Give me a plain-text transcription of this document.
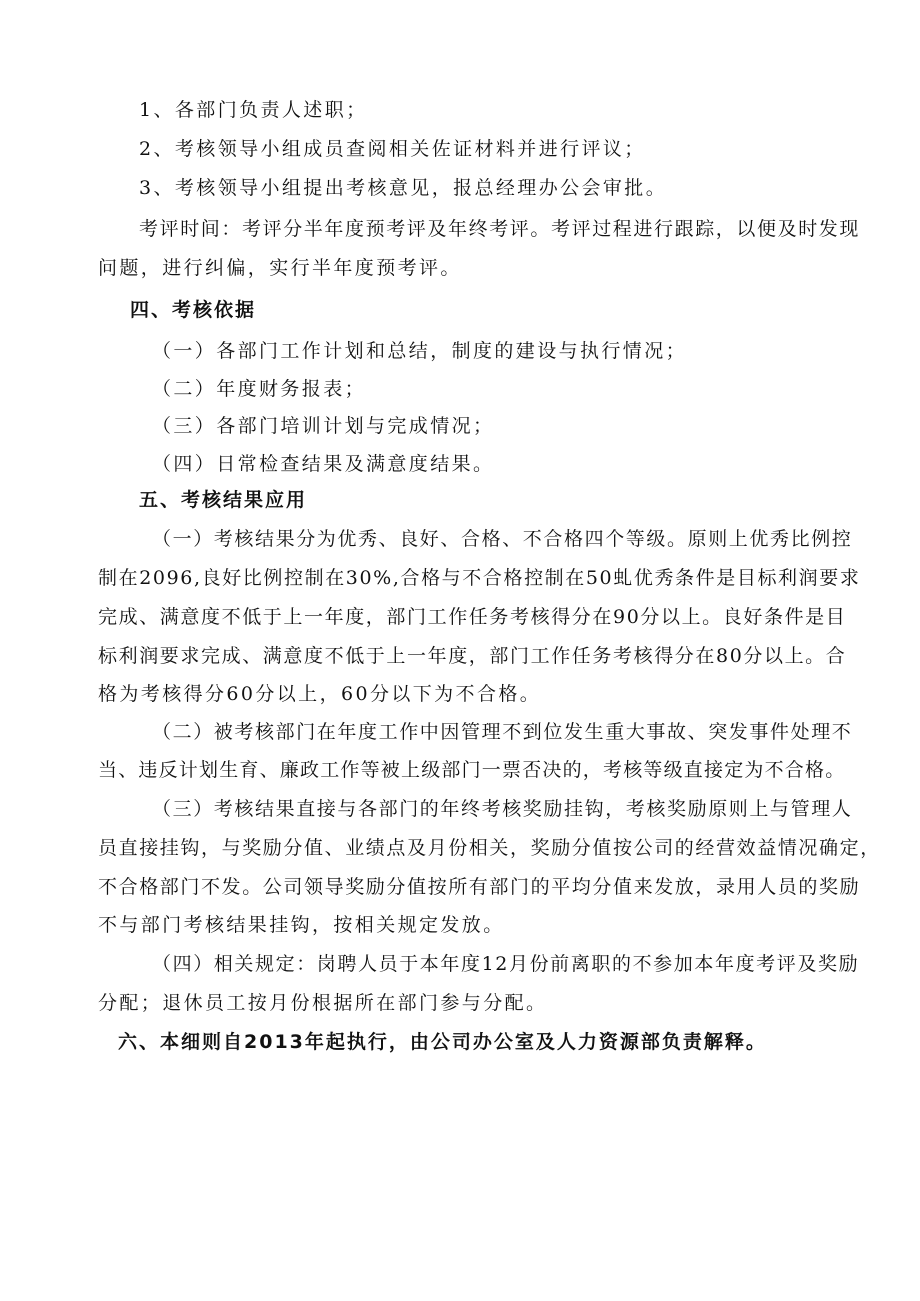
1、各部门负责人述职；
2、考核领导小组成员查阅相关佐证材料并进行评议；
3、考核领导小组提出考核意见，报总经理办公会审批。
考评时间：考评分半年度预考评及年终考评。考评过程进行跟踪，以便及时发现
问题，进行纠偏，实行半年度预考评。
四、考核依据
（一）各部门工作计划和总结，制度的建设与执行情况；
（二）年度财务报表；
（三）各部门培训计划与完成情况；
（四）日常检查结果及满意度结果。
五、考核结果应用
（一）考核结果分为优秀、良好、合格、不合格四个等级。原则上优秀比例控
制在2096,良好比例控制在30%,合格与不合格控制在50虬优秀条件是目标利润要求
完成、满意度不低于上一年度，部门工作任务考核得分在90分以上。良好条件是目
标利润要求完成、满意度不低于上一年度，部门工作任务考核得分在80分以上。合
格为考核得分60分以上，60分以下为不合格。
（二）被考核部门在年度工作中因管理不到位发生重大事故、突发事件处理不
当、违反计划生育、廉政工作等被上级部门一票否决的，考核等级直接定为不合格。
（三）考核结果直接与各部门的年终考核奖励挂钩，考核奖励原则上与管理人
员直接挂钩，与奖励分值、业绩点及月份相关，奖励分值按公司的经营效益情况确定，
不合格部门不发。公司领导奖励分值按所有部门的平均分值来发放，录用人员的奖励
不与部门考核结果挂钩，按相关规定发放。
（四）相关规定：岗聘人员于本年度12月份前离职的不参加本年度考评及奖励
分配；退休员工按月份根据所在部门参与分配。
六、本细则自2013年起执行，由公司办公室及人力资源部负责解释。
